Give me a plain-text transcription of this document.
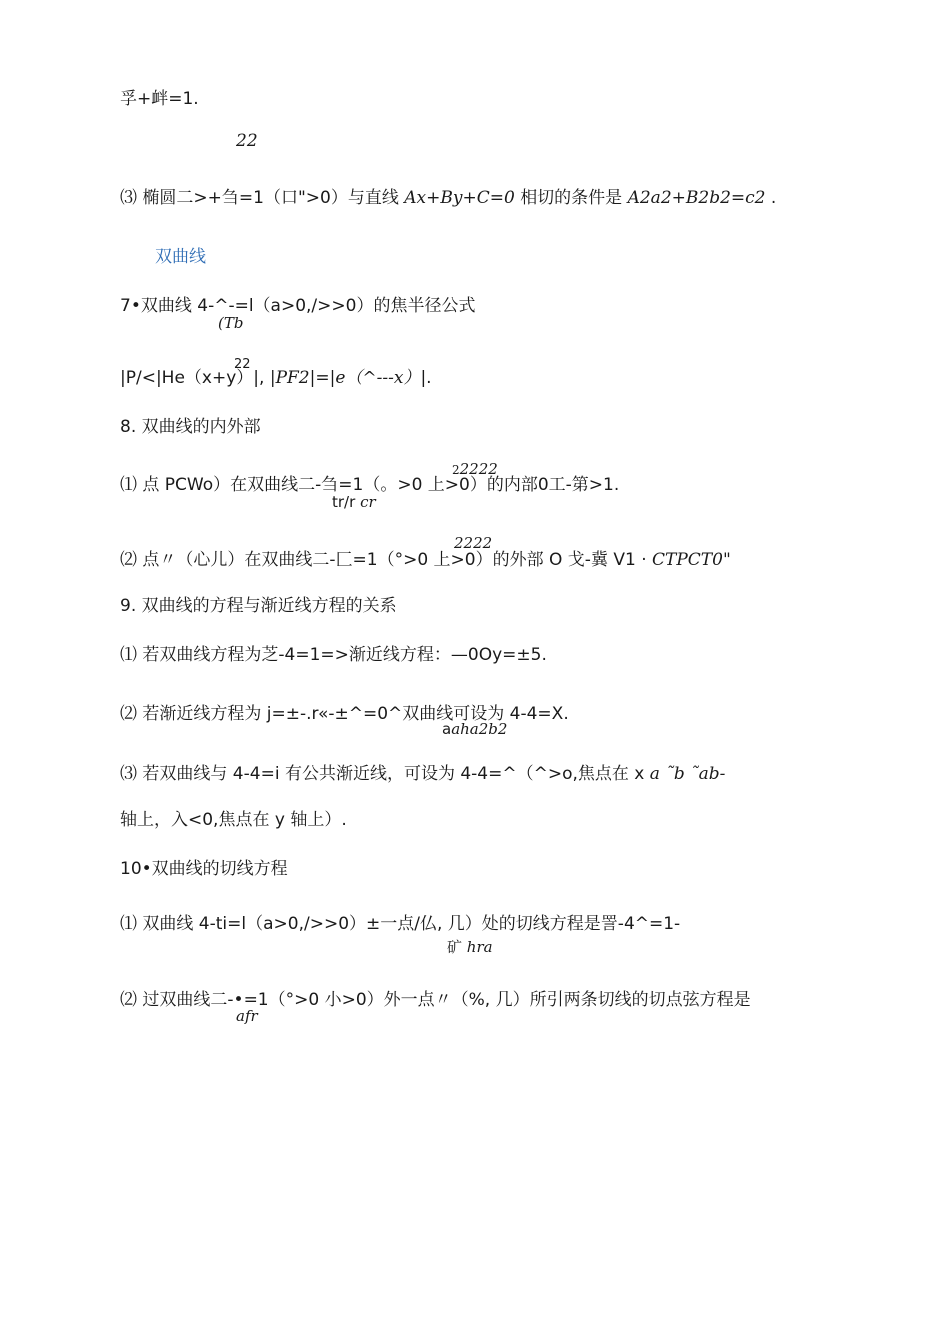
孚+衅=1.
22
⑶ 椭圆二>+刍=1（口">0）与直线 Ax+By+C=0 相切的条件是 A2a2+B2b2=c2 .
双曲线
7•双曲线 4-^-=l（a>0,/>>0）的焦半径公式
(Tb
|P/<|He（x+y）|, |PF2|=|e（^---x）|.
22
8. 双曲线的内外部
⑴ 点 PCWo）在双曲线二-刍=1（。>0 上>0）的内部0工-第>1.
22222
tr/r cr
⑵ 点〃（心儿）在双曲线二-匚=1（°>0 上>0）的外部 O 戈-冀 V1 · CTPCT0"
2222
9. 双曲线的方程与渐近线方程的关系
⑴ 若双曲线方程为芝-4=1=>渐近线方程：—0Oy=±5.
⑵ 若渐近线方程为 j=±-.r«-±^=0^双曲线可设为 4-4=X.
aaha2b2
⑶ 若双曲线与 4-4=i 有公共渐近线，可设为 4-4=^（^>o,焦点在 x a ˜b ˜ab-
轴上，入<0,焦点在 y 轴上）.
10•双曲线的切线方程
⑴ 双曲线 4-ti=l（a>0,/>>0）±一点/仏, 几）处的切线方程是詈-4^=1-
矿 hra
⑵ 过双曲线二-•=1（°>0 小>0）外一点〃（%, 几）所引两条切线的切点弦方程是
afr
